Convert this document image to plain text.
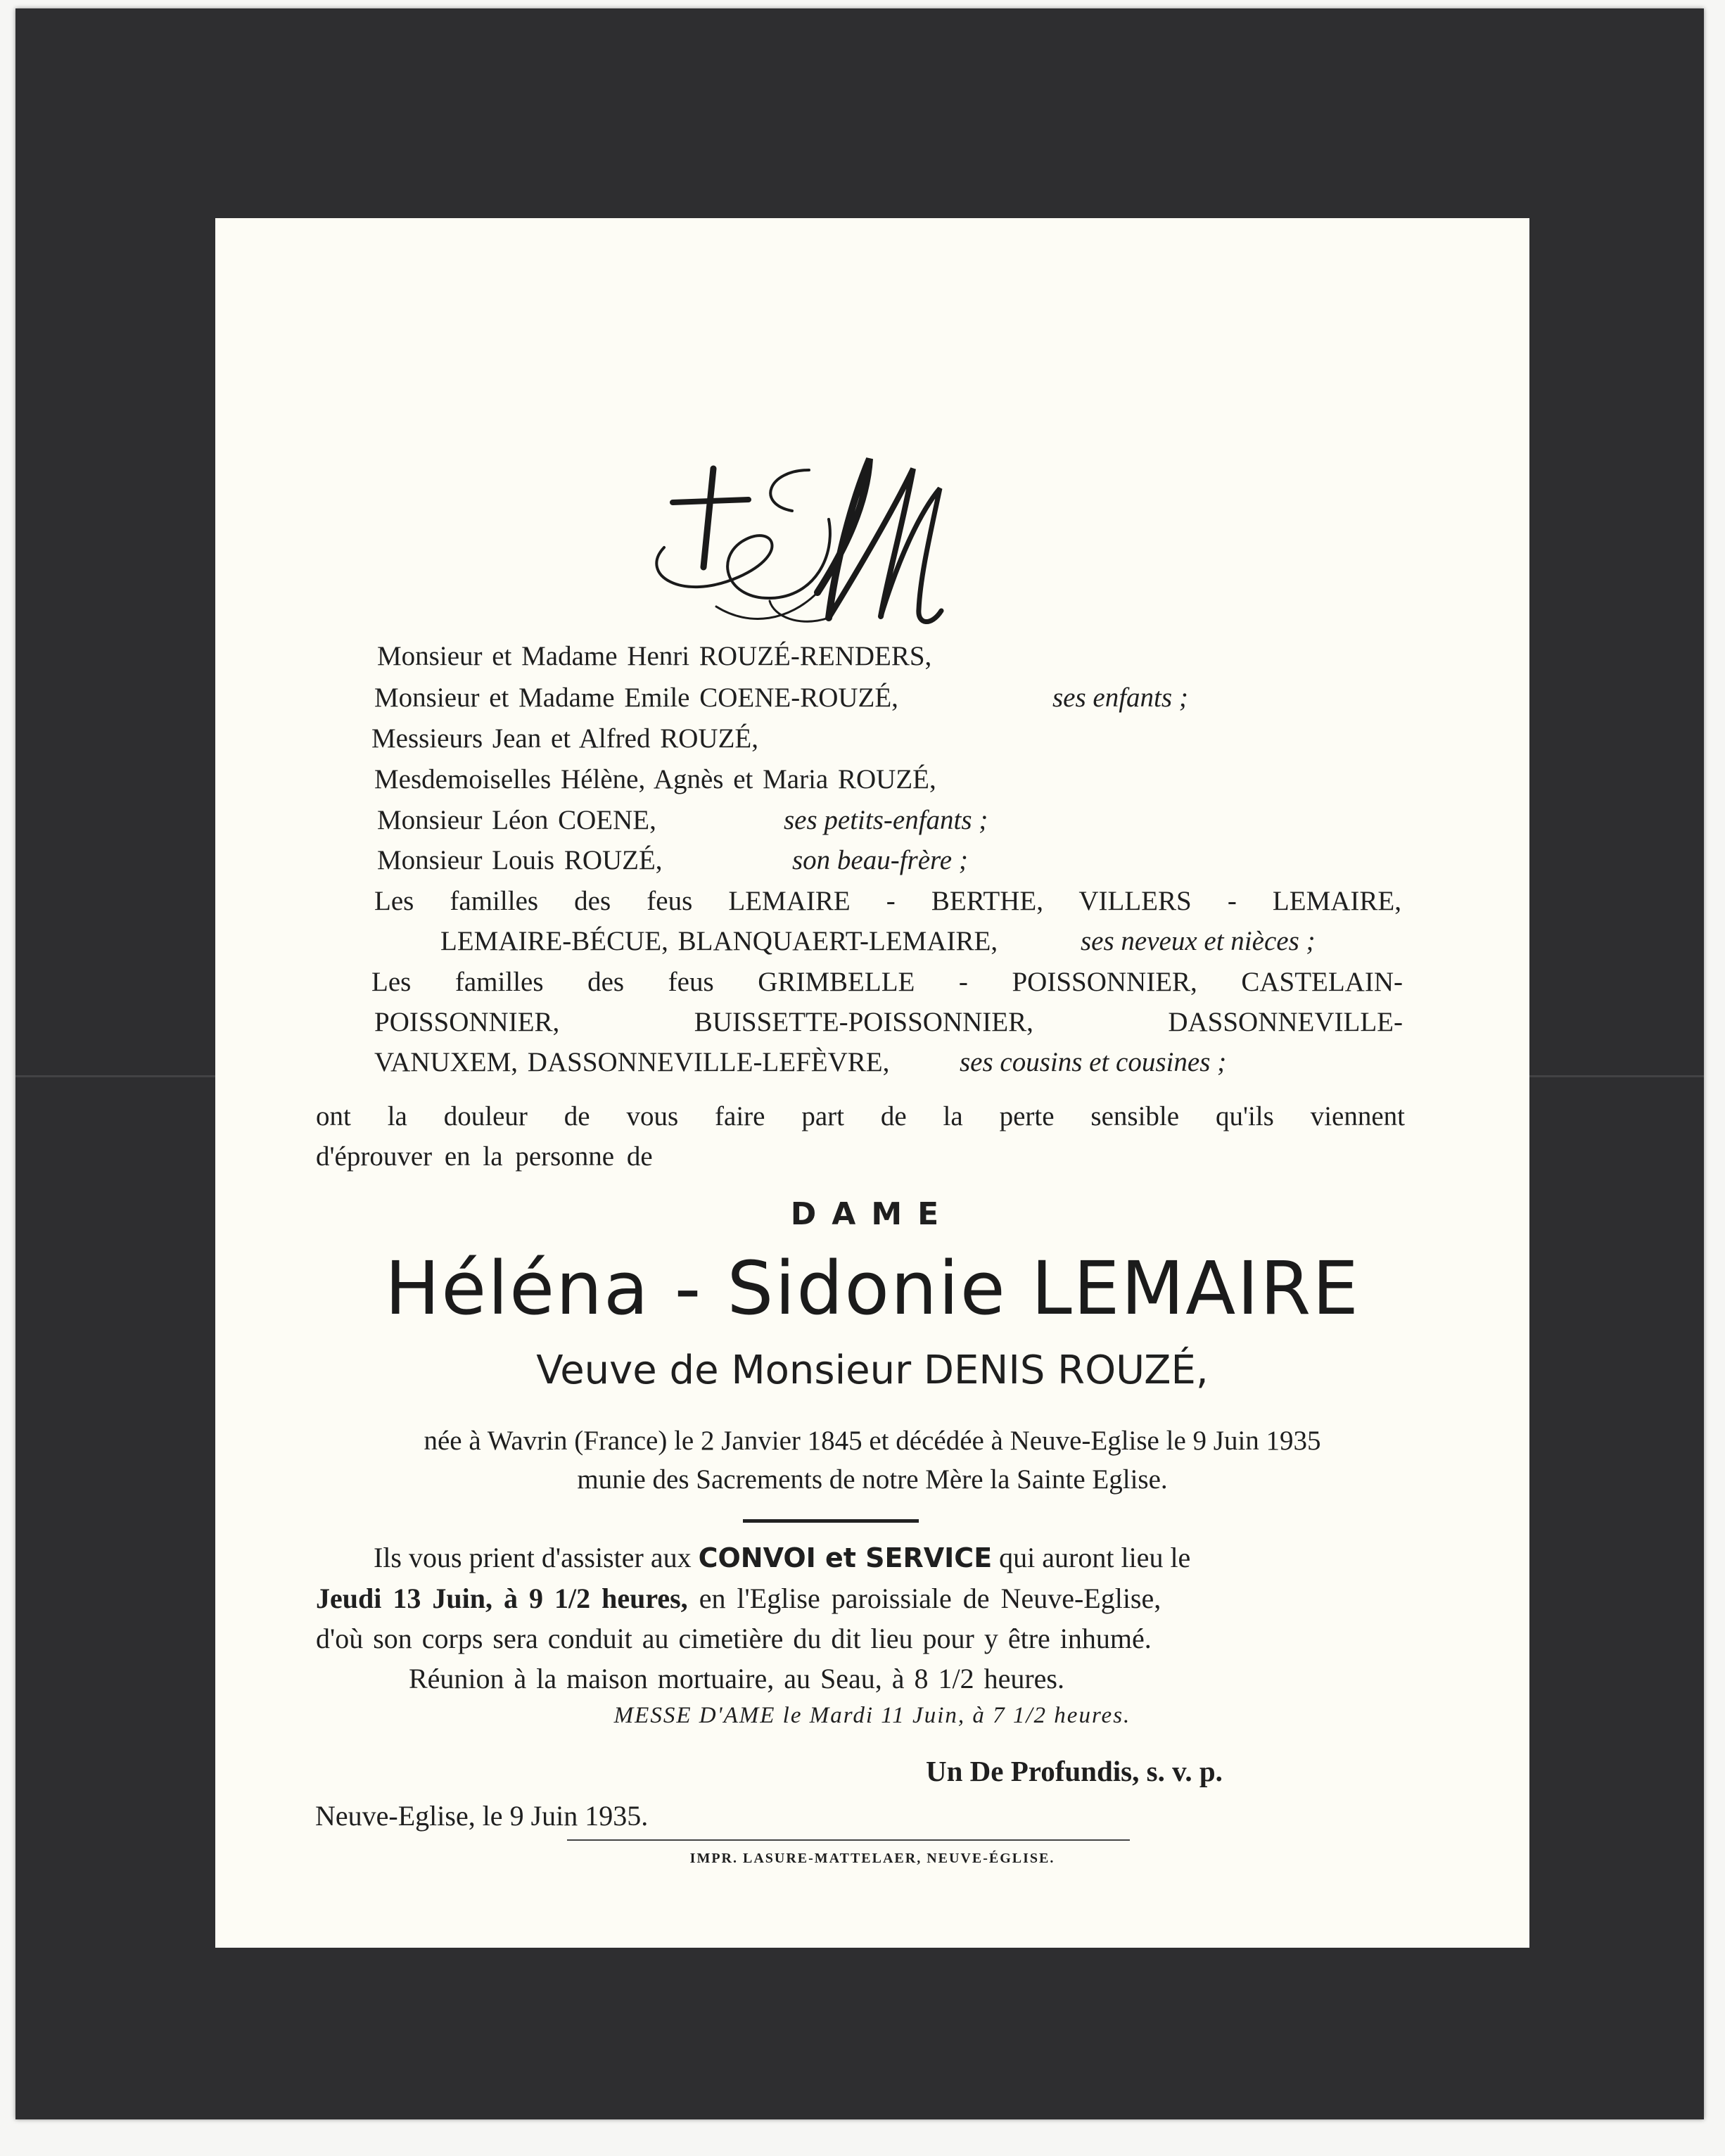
Monsieur et Madame Henri ROUZÉ-RENDERS,
Monsieur et Madame Emile COENE-ROUZÉ,	ses enfants ;
Messieurs Jean et Alfred ROUZÉ,
Mesdemoiselles Hélène, Agnès et Maria ROUZÉ,
Monsieur Léon COENE,	ses petits-enfants ;
Monsieur Louis ROUZÉ,	son beau-frère ;
Les familles des feus LEMAIRE - BERTHE, VILLERS - LEMAIRE,
LEMAIRE-BÉCUE, BLANQUAERT-LEMAIRE,	ses neveux et nièces ;
Les familles des feus GRIMBELLE - POISSONNIER, CASTELAIN-
POISSONNIER, BUISSETTE-POISSONNIER, DASSONNEVILLE-
VANUXEM, DASSONNEVILLE-LEFÈVRE,	ses cousins et cousines ;
ont la douleur de vous faire part de la perte sensible qu'ils viennent
d'éprouver en la personne de
DAME
Héléna - Sidonie LEMAIRE
Veuve de Monsieur DENIS ROUZÉ,
née à Wavrin (France) le 2 Janvier 1845 et décédée à Neuve-Eglise le 9 Juin 1935
munie des Sacrements de notre Mère la Sainte Eglise.
Ils vous prient d'assister aux CONVOI et SERVICE qui auront lieu le
Jeudi 13 Juin, à 9 1/2 heures, en l'Eglise paroissiale de Neuve-Eglise,
d'où son corps sera conduit au cimetière du dit lieu pour y être inhumé.
Réunion à la maison mortuaire, au Seau, à 8 1/2 heures.
MESSE D'AME le Mardi 11 Juin, à 7 1/2 heures.
Un De Profundis, s. v. p.
Neuve-Eglise, le 9 Juin 1935.
IMPR. LASURE-MATTELAER, NEUVE-ÉGLISE.
